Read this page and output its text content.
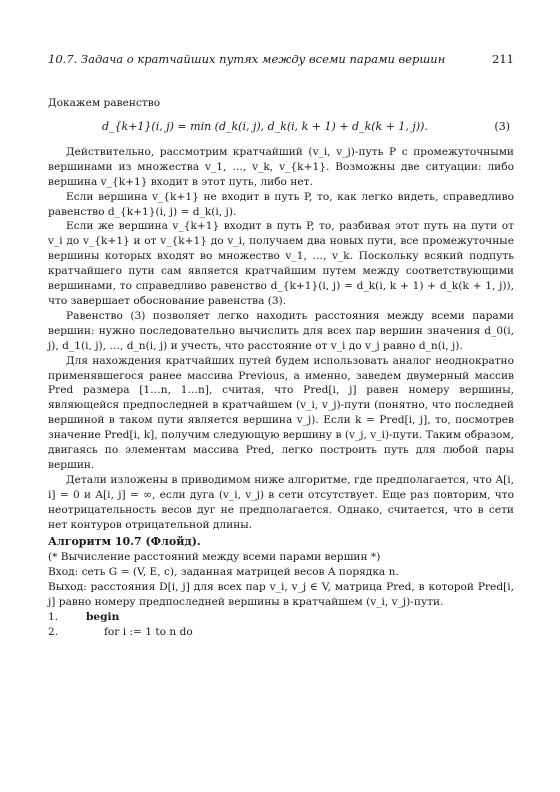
10.7. Задача о кратчайших путях между всеми парами вершин	211

Докажем равенство

d_{k+1}(i, j) = min (d_k(i, j), d_k(i, k + 1) + d_k(k + 1, j)).	(3)

Действительно, рассмотрим кратчайший (v_i, v_j)-путь P с промежуточными вершинами из множества v_1, …, v_k, v_{k+1}. Возможны две ситуации: либо вершина v_{k+1} входит в этот путь, либо нет.

Если вершина v_{k+1} не входит в путь P, то, как легко видеть, справедливо равенство d_{k+1}(i, j) = d_k(i, j).

Если же вершина v_{k+1} входит в путь P, то, разбивая этот путь на пути от v_i до v_{k+1} и от v_{k+1} до v_i, получаем два новых пути, все промежуточные вершины которых входят во множество v_1, …, v_k. Поскольку всякий подпуть кратчайшего пути сам является кратчайшим путем между соответствующими вершинами, то справедливо равенство d_{k+1}(i, j) = d_k(i, k + 1) + d_k(k + 1, j)), что завершает обоснование равенства (3).

Равенство (3) позволяет легко находить расстояния между всеми парами вершин: нужно последовательно вычислить для всех пар вершин значения d_0(i, j), d_1(i, j), …, d_n(i, j) и учесть, что расстояние от v_i до v_j равно d_n(i, j).

Для нахождения кратчайших путей будем использовать аналог неоднократно применявшегося ранее массива Previous, а именно, заведем двумерный массив Pred размера [1…n, 1…n], считая, что Pred[i, j] равен номеру вершины, являющейся предпоследней в кратчайшем (v_i, v_j)-пути (понятно, что последней вершиной в таком пути является вершина v_j). Если k = Pred[i, j], то, посмотрев значение Pred[i, k], получим следующую вершину в (v_j, v_i)-пути. Таким образом, двигаясь по элементам массива Pred, легко построить путь для любой пары вершин.

Детали изложены в приводимом ниже алгоритме, где предполагается, что A[i, i] = 0 и A[i, j] = ∞, если дуга (v_i, v_j) в сети отсутствует. Еще раз повторим, что неотрицательность весов дуг не предполагается. Однако, считается, что в сети нет контуров отрицательной длины.

Алгоритм 10.7 (Флойд).
(* Вычисление расстояний между всеми парами вершин *)
Вход: сеть G = (V, E, c), заданная матрицей весов A порядка n.
Выход: расстояния D[i, j] для всех пар v_i, v_j ∈ V, матрица Pred, в которой Pred[i, j] равно номеру предпоследней вершины в кратчайшем (v_i, v_j)-пути.
1.	begin
2.	for i := 1 to n do
